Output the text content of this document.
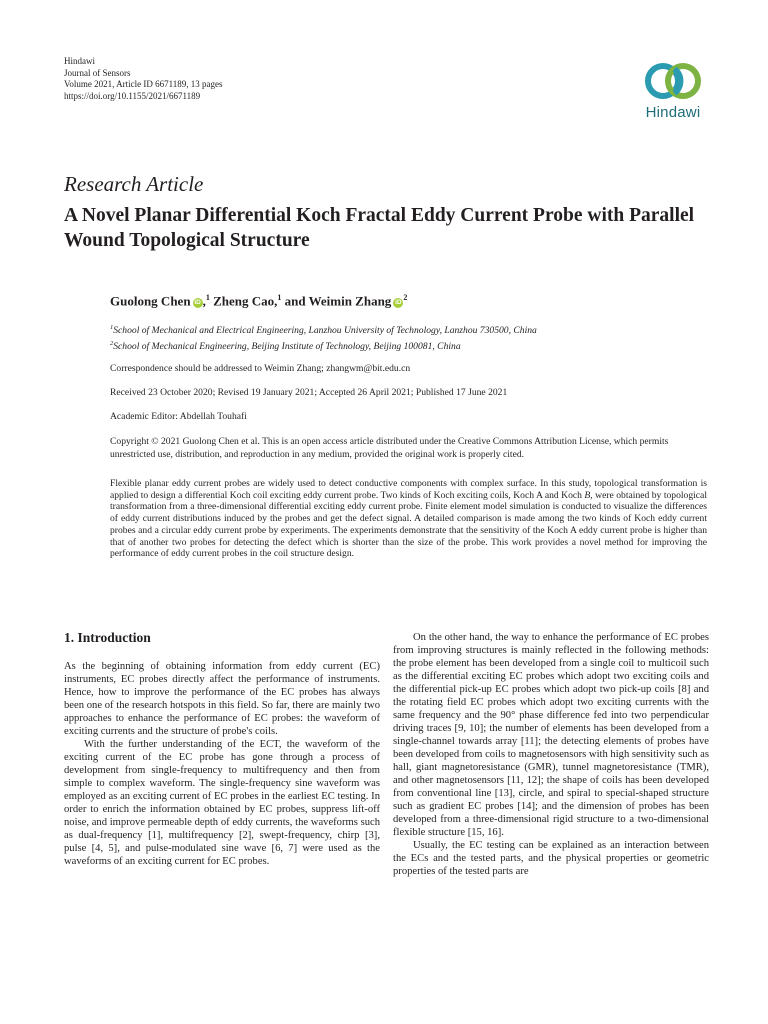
Hindawi
Journal of Sensors
Volume 2021, Article ID 6671189, 13 pages
https://doi.org/10.1155/2021/6671189
Hindawi
Research Article
A Novel Planar Differential Koch Fractal Eddy Current Probe with Parallel Wound Topological Structure
Guolong Chen iD ,$^1$ Zheng Cao,$^1$ and Weimin Zhang $iD^2$
$^1$School of Mechanical and Electrical Engineering, Lanzhou University of Technology, Lanzhou 730500, China
$^2$School of Mechanical Engineering, Beijing Institute of Technology, Beijing 100081, China
Correspondence should be addressed to Weimin Zhang; zhangwm@bit.edu.cn
Received 23 October 2020; Revised 19 January 2021; Accepted 26 April 2021; Published 17 June 2021
Academic Editor: Abdellah Touhafi
Copyright © 2021 Guolong Chen et al. This is an open access article distributed under the Creative Commons Attribution License, which permits unrestricted use, distribution, and reproduction in any medium, provided the original work is properly cited.
Flexible planar eddy current probes are widely used to detect conductive components with complex surface. In this study, topological transformation is applied to design a differential Koch coil exciting eddy current probe. Two kinds of Koch exciting coils, Koch A and Koch B, were obtained by topological transformation from a three-dimensional differential exciting eddy current probe. Finite element model simulation is conducted to visualize the differences of eddy current distributions induced by the probes and get the defect signal. A detailed comparison is made among the two kinds of Koch eddy current probes and a circular eddy current probe by experiments. The experiments demonstrate that the sensitivity of the Koch A eddy current probe is higher than that of another two probes for detecting the defect which is shorter than the size of the probe. This work provides a novel method for improving the performance of eddy current probes in the coil structure design.
1. Introduction

As the beginning of obtaining information from eddy current (EC) instruments, EC probes directly affect the performance of instruments. Hence, how to improve the performance of the EC probes has always been one of the research hotspots in this field. So far, there are mainly two approaches to enhance the performance of EC probes: the waveform of exciting currents and the structure of probe's coils.

With the further understanding of the ECT, the waveform of the exciting current of the EC probe has gone through a process of development from single-frequency to multifrequency and then from simple to complex waveform. The single-frequency sine waveform was employed as an exciting current of EC probes in the earliest EC testing. In order to enrich the information obtained by EC probes, suppress lift-off noise, and improve permeable depth of eddy currents, the waveforms such as dual-frequency [1], multifrequency [2], swept-frequency, chirp [3], pulse [4, 5], and pulse-modulated sine wave [6, 7] were used as the waveforms of an exciting current for EC probes.

On the other hand, the way to enhance the performance of EC probes from improving structures is mainly reflected in the following methods: the probe element has been developed from a single coil to multicoil such as the differential exciting EC probes which adopt two exciting coils and the differential pick-up EC probes which adopt two pick-up coils [8] and the rotating field EC probes which adopt two exciting currents with the same frequency and the 90° phase difference fed into two perpendicular driving traces [9, 10]; the number of elements has been developed from a single-channel towards array [11]; the detecting elements of probes have been developed from coils to magnetosensors with high sensitivity such as hall, giant magnetoresistance (GMR), tunnel magnetoresistance (TMR), and other magnetosensors [11, 12]; the shape of coils has been developed from conventional line [13], circle, and spiral to special-shaped structure such as gradient EC probes [14]; and the dimension of probes has been developed from a three-dimensional rigid structure to a two-dimensional flexible structure [15, 16].

Usually, the EC testing can be explained as an interaction between the ECs and the tested parts, and the physical properties or geometric properties of the tested parts are
